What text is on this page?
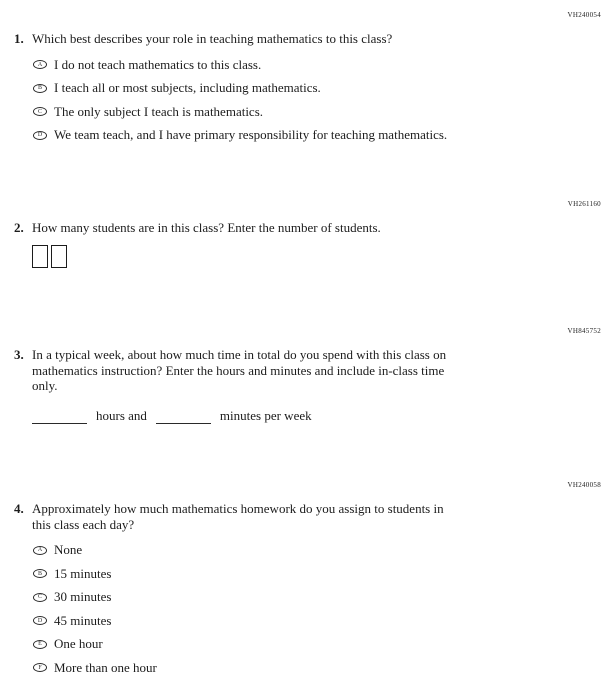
VH240054
1. Which best describes your role in teaching mathematics to this class?
A I do not teach mathematics to this class.
B I teach all or most subjects, including mathematics.
C The only subject I teach is mathematics.
D We team teach, and I have primary responsibility for teaching mathematics.
VH261160
2. How many students are in this class? Enter the number of students.
VH845752
3. In a typical week, about how much time in total do you spend with this class on
mathematics instruction? Enter the hours and minutes and include in-class time
only.
hours and	minutes per week
VH240058
4. Approximately how much mathematics homework do you assign to students in
this class each day?
A None
B 15 minutes
C 30 minutes
D 45 minutes
E One hour
F More than one hour
